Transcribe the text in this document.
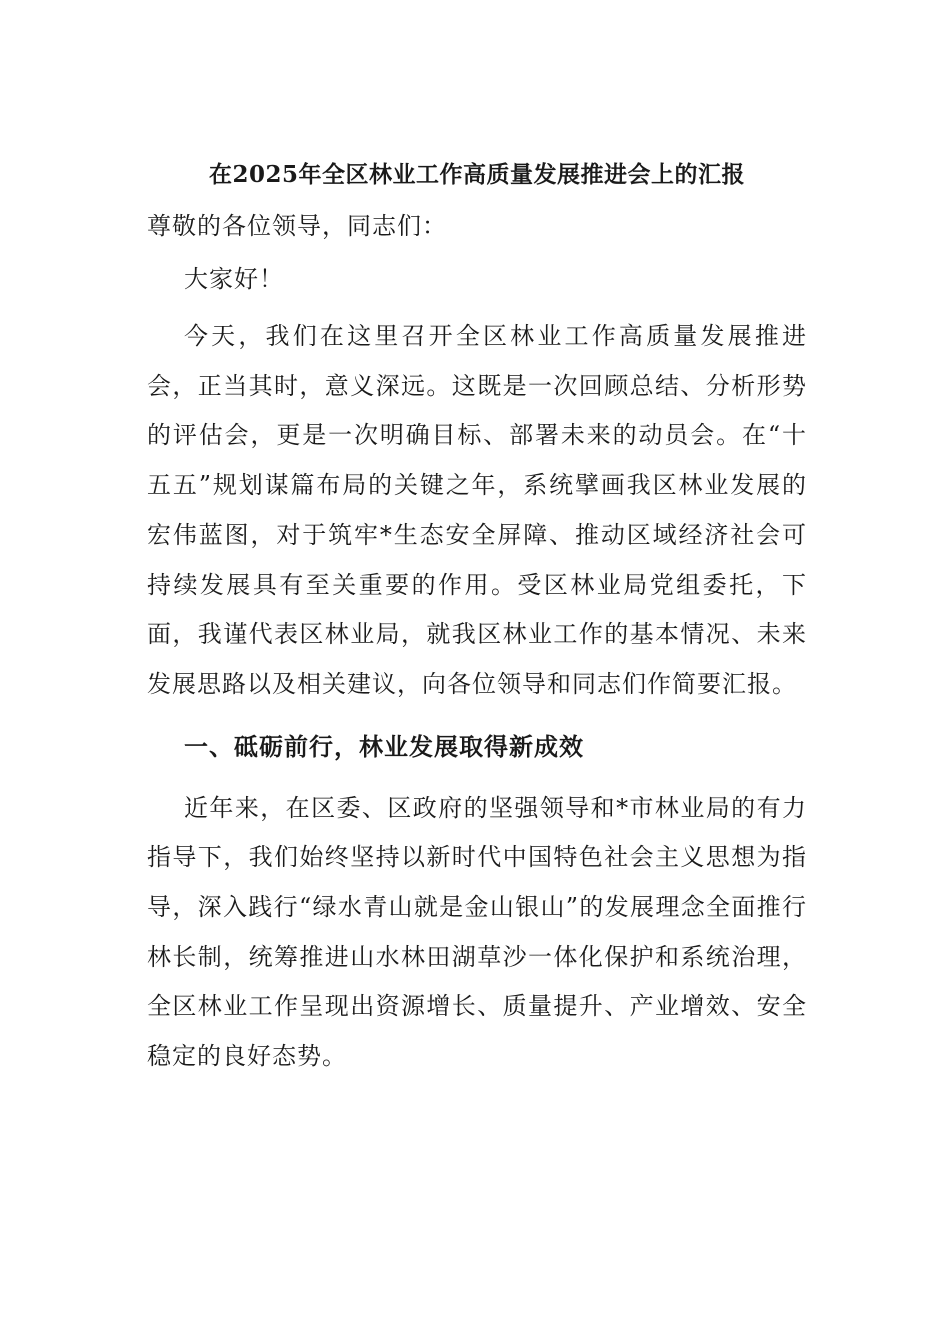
在2025年全区林业工作高质量发展推进会上的汇报

尊敬的各位领导，同志们：

大家好！

今天，我们在这里召开全区林业工作高质量发展推进会，正当其时，意义深远。这既是一次回顾总结、分析形势的评估会，更是一次明确目标、部署未来的动员会。在“十五五”规划谋篇布局的关键之年，系统擘画我区林业发展的宏伟蓝图，对于筑牢*生态安全屏障、推动区域经济社会可持续发展具有至关重要的作用。受区林业局党组委托，下面，我谨代表区林业局，就我区林业工作的基本情况、未来发展思路以及相关建议，向各位领导和同志们作简要汇报。

一、砥砺前行，林业发展取得新成效

近年来，在区委、区政府的坚强领导和*市林业局的有力指导下，我们始终坚持以新时代中国特色社会主义思想为指导，深入践行“绿水青山就是金山银山”的发展理念全面推行林长制，统筹推进山水林田湖草沙一体化保护和系统治理，全区林业工作呈现出资源增长、质量提升、产业增效、安全稳定的良好态势。
